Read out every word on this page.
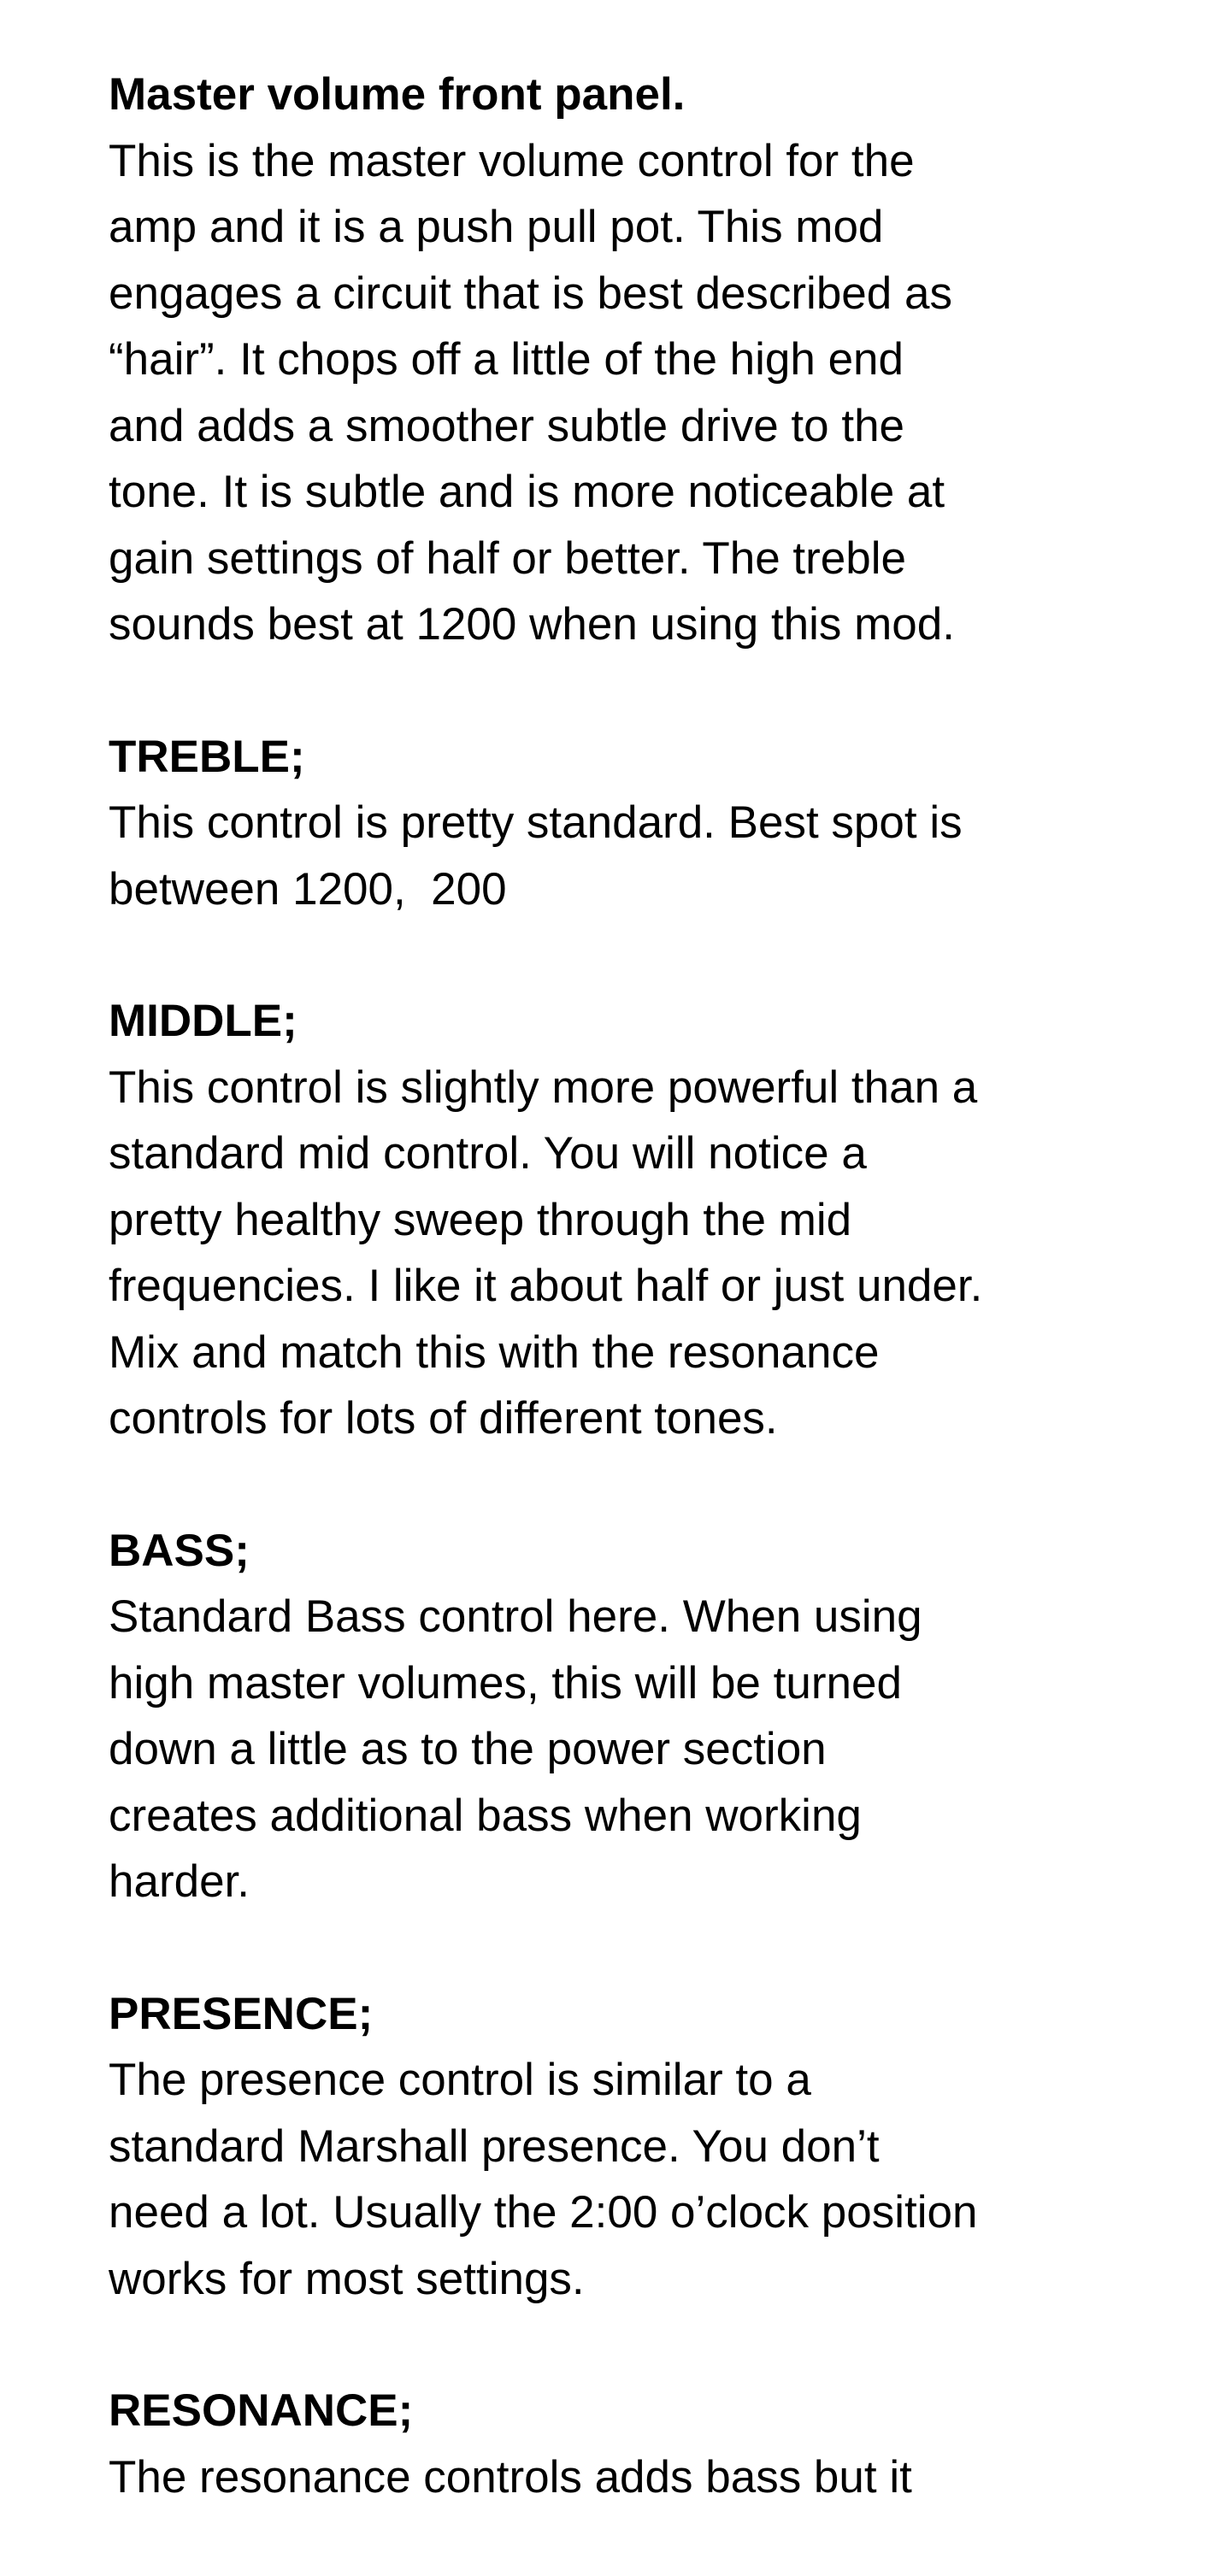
Master volume front panel.

This is the master volume control for the
amp and it is a push pull pot. This mod
engages a circuit that is best described as
“hair”. It chops off a little of the high end
and adds a smoother subtle drive to the
tone. It is subtle and is more noticeable at
gain settings of half or better. The treble
sounds best at 1200 when using this mod.

TREBLE;

This control is pretty standard. Best spot is
between 1200,  200

MIDDLE;

This control is slightly more powerful than a
standard mid control. You will notice a
pretty healthy sweep through the mid
frequencies. I like it about half or just under.
Mix and match this with the resonance
controls for lots of different tones.

BASS;

Standard Bass control here. When using
high master volumes, this will be turned
down a little as to the power section
creates additional bass when working
harder.

PRESENCE;

The presence control is similar to a
standard Marshall presence. You don’t
need a lot. Usually the 2:00 o’clock position
works for most settings.

RESONANCE;

The resonance controls adds bass but it
